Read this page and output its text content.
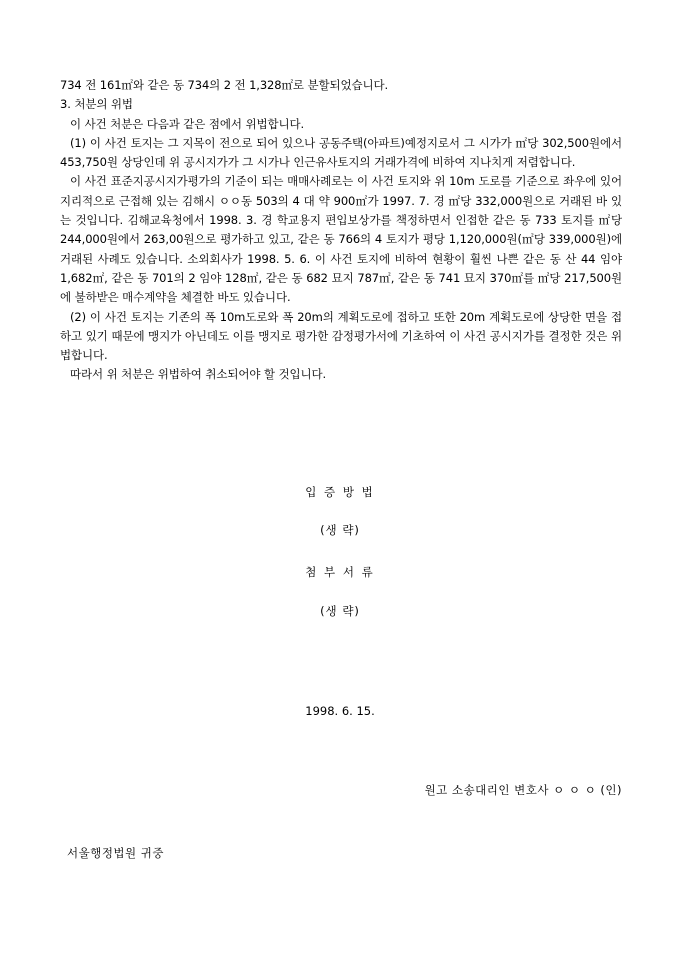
734 전 161㎡와 같은 동 734의 2 전 1,328㎡로 분할되었습니다.

3. 처분의 위법

이 사건 처분은 다음과 같은 점에서 위법합니다.

(1) 이 사건 토지는 그 지목이 전으로 되어 있으나 공동주택(아파트)예정지로서 그 시가가 ㎡당 302,500원에서 453,750원 상당인데 위 공시지가가 그 시가나 인근유사토지의 거래가격에 비하여 지나치게 저렴합니다.

이 사건 표준지공시지가평가의 기준이 되는 매매사례로는 이 사건 토지와 위 10m 도로를 기준으로 좌우에 있어 지리적으로 근접해 있는 김해시 ㅇㅇ동 503의 4 대 약 900㎡가 1997. 7. 경 ㎡당 332,000원으로 거래된 바 있는 것입니다. 김해교육청에서 1998. 3. 경 학교용지 편입보상가를 책정하면서 인접한 같은 동 733 토지를 ㎡당 244,000원에서 263,00원으로 평가하고 있고, 같은 동 766의 4 토지가 평당 1,120,000원(㎡당 339,000원)에 거래된 사례도 있습니다. 소외회사가 1998. 5. 6. 이 사건 토지에 비하여 현황이 훨씬 나쁜 같은 동 산 44 임야 1,682㎡, 같은 동 701의 2 임야 128㎡, 같은 동 682 묘지 787㎡, 같은 동 741 묘지 370㎡를 ㎡당 217,500원에 불하받은 매수계약을 체결한 바도 있습니다.

(2) 이 사건 토지는 기존의 폭 10m도로와 폭 20m의 계획도로에 접하고 또한 20m 계획도로에 상당한 면을 접하고 있기 때문에 맹지가 아닌데도 이를 맹지로 평가한 감정평가서에 기초하여 이 사건 공시지가를 결정한 것은 위법합니다.

따라서 위 처분은 위법하여 취소되어야 할 것입니다.

입 증 방 법
(생 략)
첨 부 서 류
(생 략)
1998. 6. 15.
원고 소송대리인 변호사 ㅇ ㅇ ㅇ (인)
서울행정법원 귀중
